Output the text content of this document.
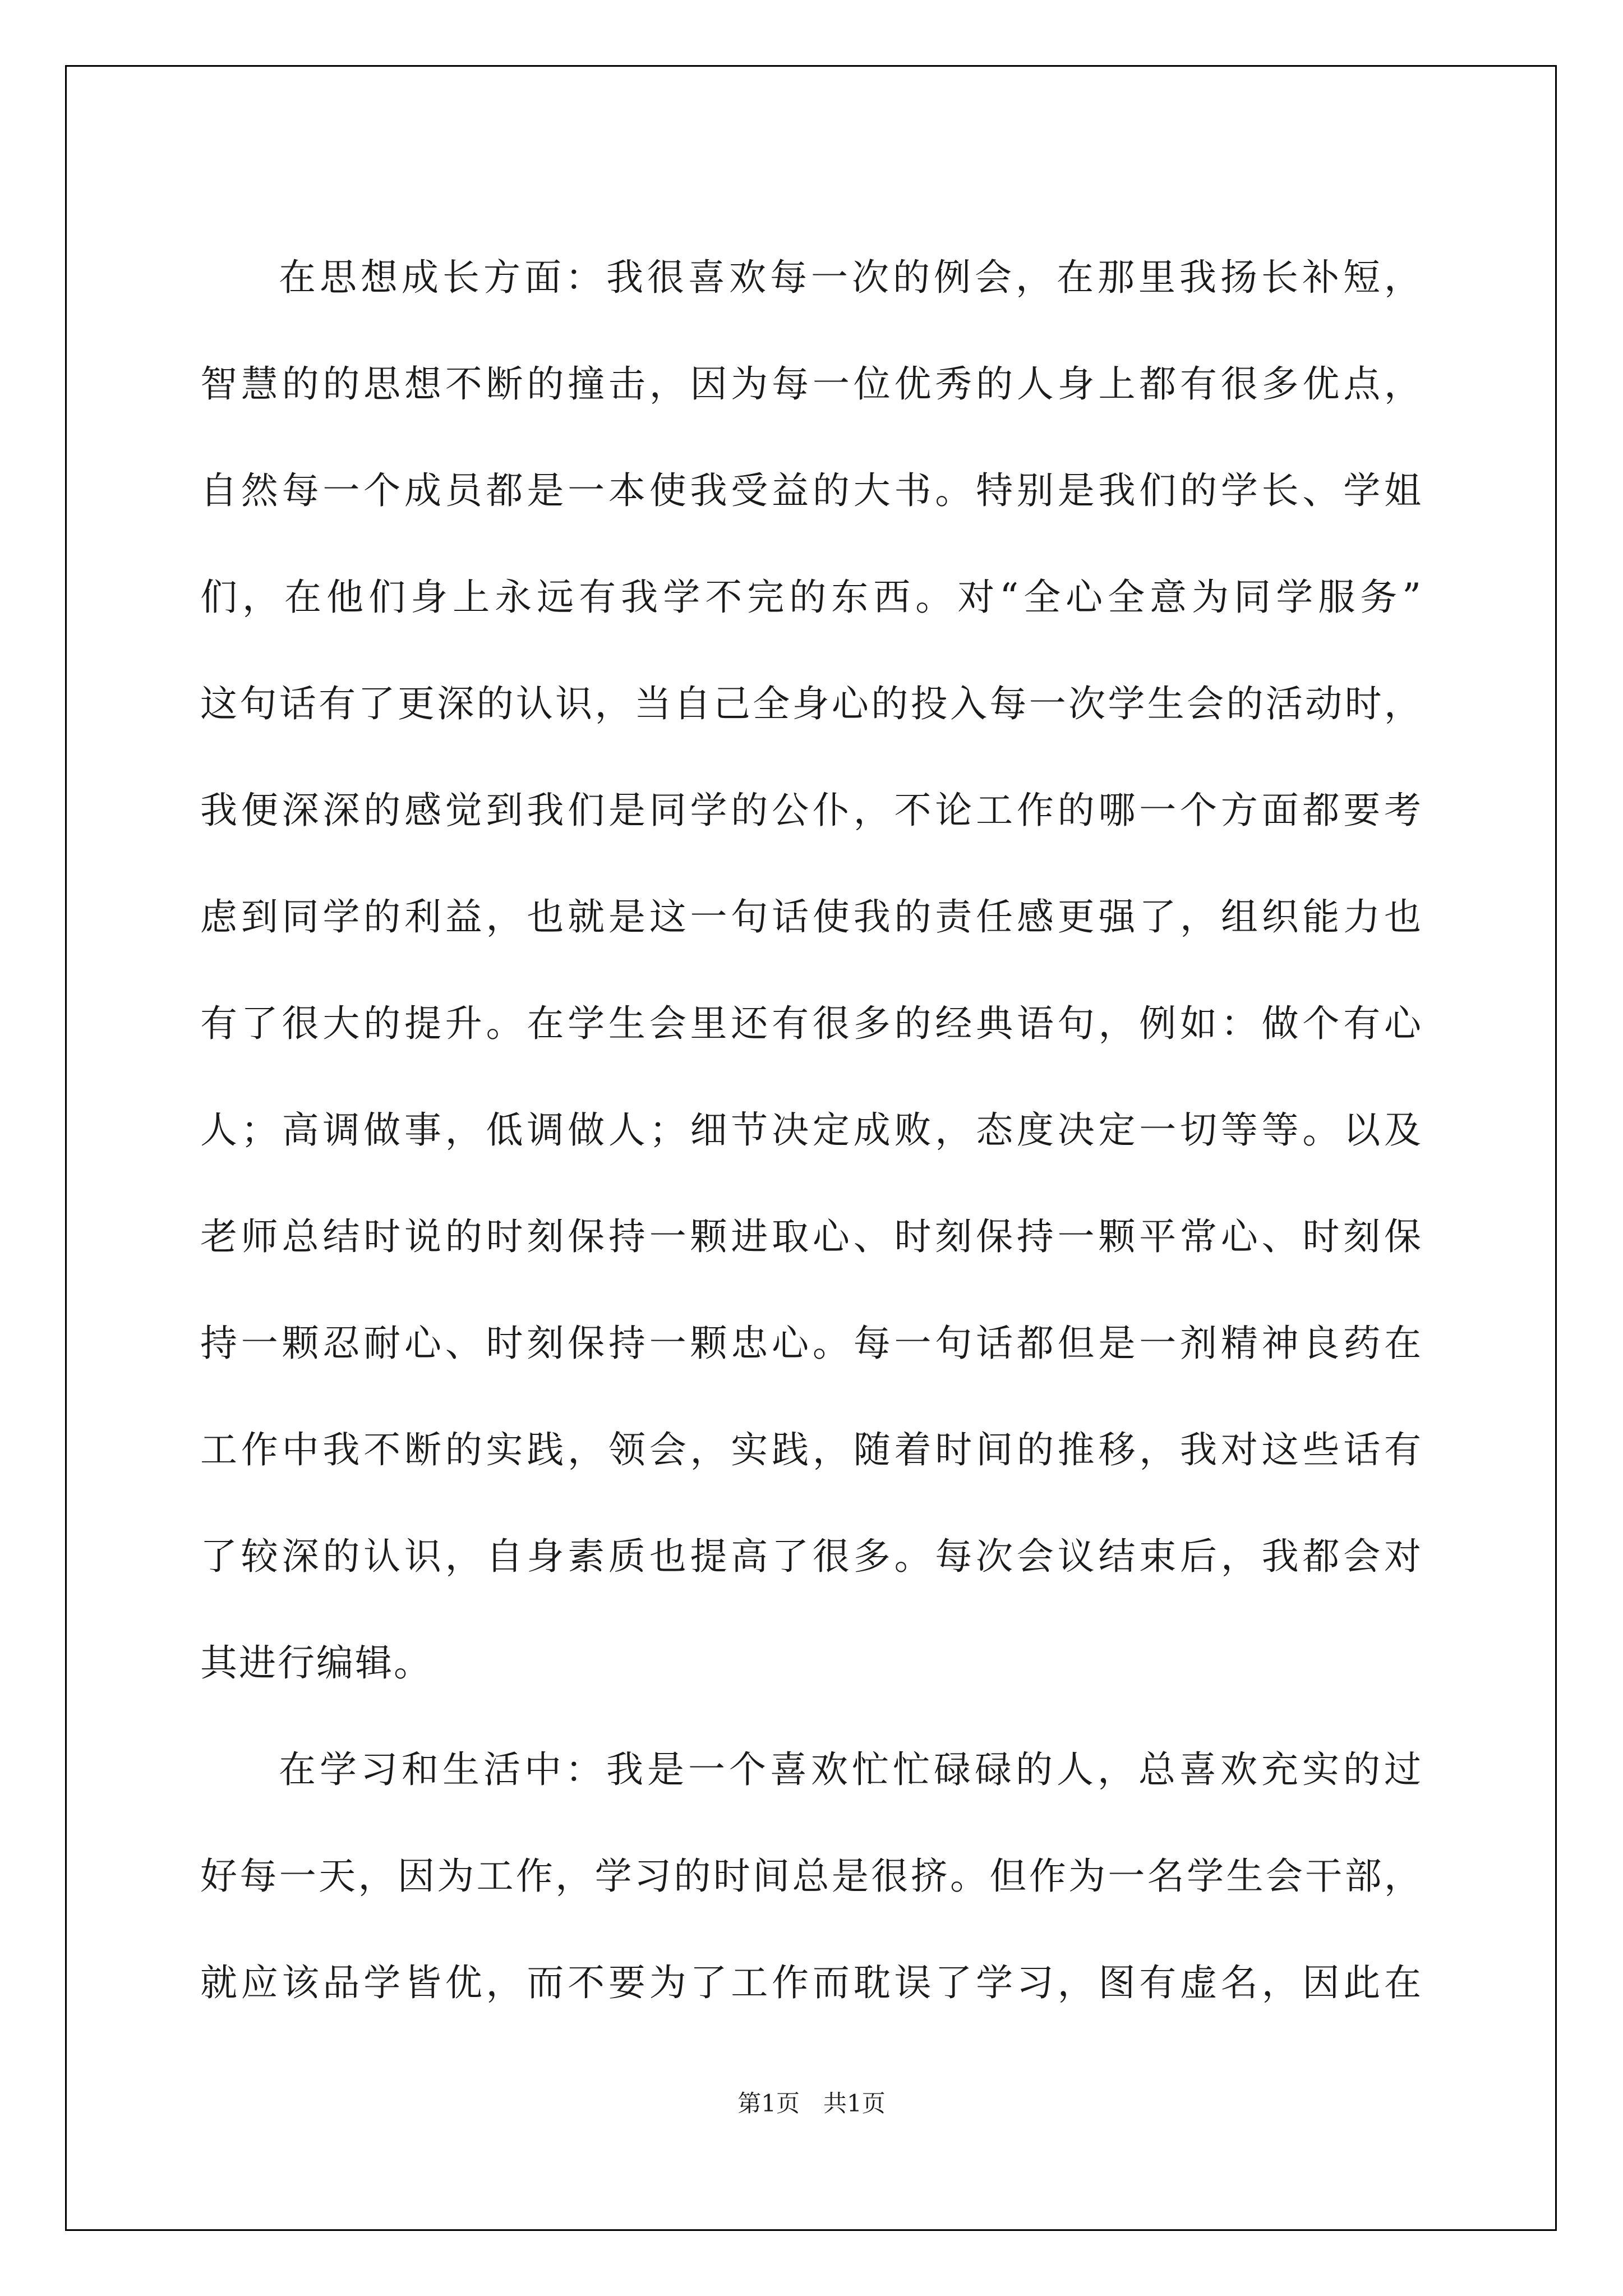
在思想成长方面：我很喜欢每一次的例会，在那里我扬长补短，
智慧的的思想不断的撞击，因为每一位优秀的人身上都有很多优点，
自然每一个成员都是一本使我受益的大书。特别是我们的学长、学姐
们，在他们身上永远有我学不完的东西。对“全心全意为同学服务”
这句话有了更深的认识，当自己全身心的投入每一次学生会的活动时，
我便深深的感觉到我们是同学的公仆，不论工作的哪一个方面都要考
虑到同学的利益，也就是这一句话使我的责任感更强了，组织能力也
有了很大的提升。在学生会里还有很多的经典语句，例如：做个有心
人；高调做事，低调做人；细节决定成败，态度决定一切等等。以及
老师总结时说的时刻保持一颗进取心、时刻保持一颗平常心、时刻保
持一颗忍耐心、时刻保持一颗忠心。每一句话都但是一剂精神良药在
工作中我不断的实践，领会，实践，随着时间的推移，我对这些话有
了较深的认识，自身素质也提高了很多。每次会议结束后，我都会对
其进行编辑。
在学习和生活中：我是一个喜欢忙忙碌碌的人，总喜欢充实的过
好每一天，因为工作，学习的时间总是很挤。但作为一名学生会干部，
就应该品学皆优，而不要为了工作而耽误了学习，图有虚名，因此在
第1页　共1页
